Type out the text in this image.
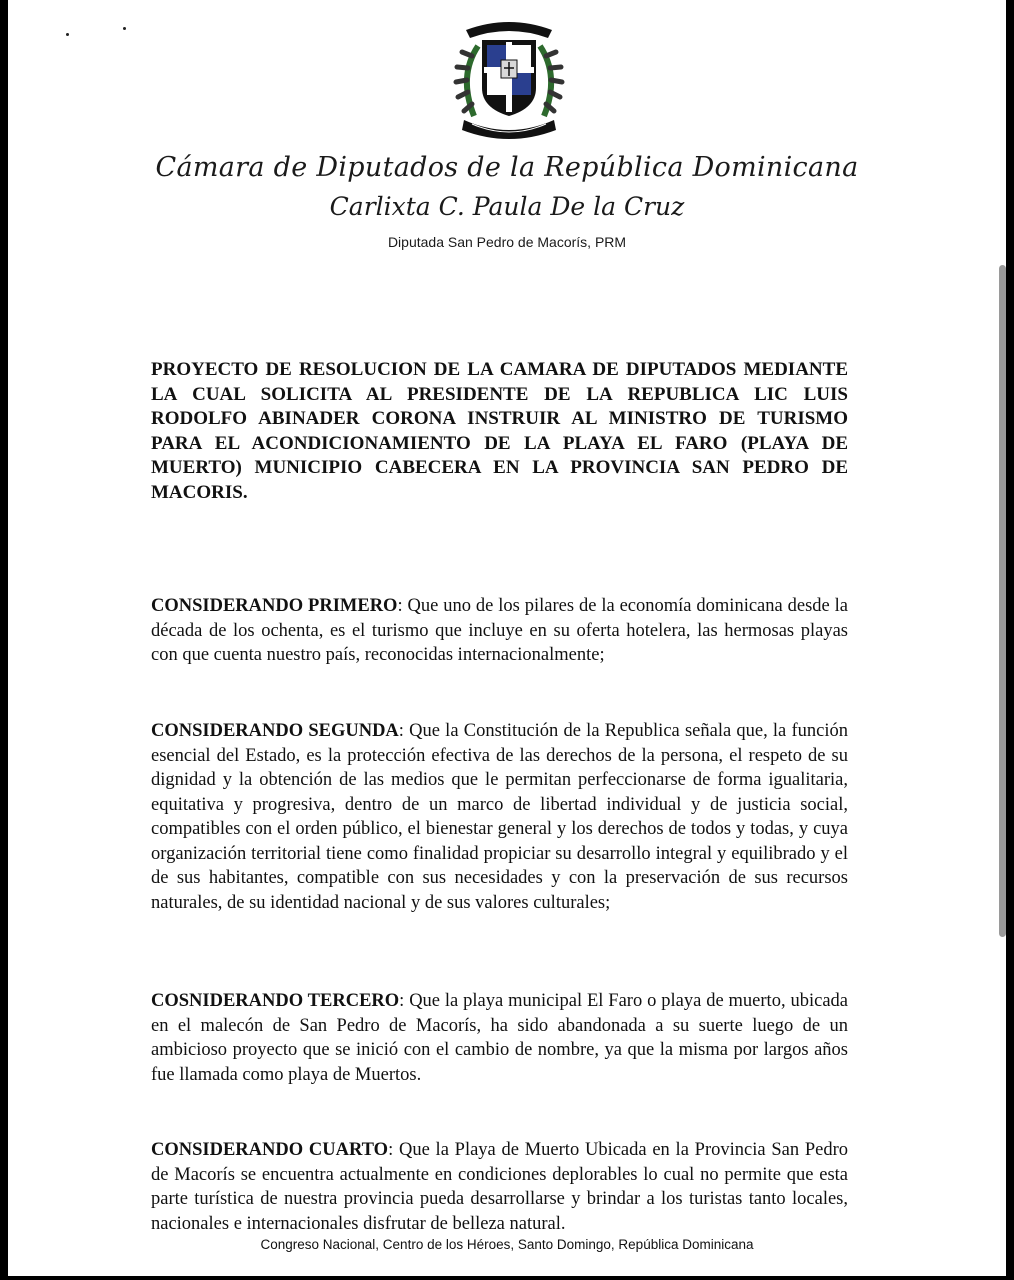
Cámara de Diputados de la República Dominicana
Carlixta C. Paula De la Cruz
Diputada San Pedro de Macorís, PRM
PROYECTO DE RESOLUCION DE LA CAMARA DE DIPUTADOS MEDIANTE LA CUAL SOLICITA AL PRESIDENTE DE LA REPUBLICA LIC LUIS RODOLFO ABINADER CORONA INSTRUIR AL MINISTRO DE TURISMO PARA EL ACONDICIONAMIENTO DE LA PLAYA EL FARO (PLAYA DE MUERTO) MUNICIPIO CABECERA EN LA PROVINCIA SAN PEDRO DE MACORIS.
CONSIDERANDO PRIMERO: Que uno de los pilares de la economía dominicana desde la década de los ochenta, es el turismo que incluye en su oferta hotelera, las hermosas playas con que cuenta nuestro país, reconocidas internacionalmente;
CONSIDERANDO SEGUNDA: Que la Constitución de la Republica señala que, la función esencial del Estado, es la protección efectiva de las derechos de la persona, el respeto de su dignidad y la obtención de las medios que le permitan perfeccionarse de forma igualitaria, equitativa y progresiva, dentro de un marco de libertad individual y de justicia social, compatibles con el orden público, el bienestar general y los derechos de todos y todas, y cuya organización territorial tiene como finalidad propiciar su desarrollo integral y equilibrado y el de sus habitantes, compatible con sus necesidades y con la preservación de sus recursos naturales, de su identidad nacional y de sus valores culturales;
COSNIDERANDO TERCERO: Que la playa municipal El Faro o playa de muerto, ubicada en el malecón de San Pedro de Macorís, ha sido abandonada a su suerte luego de un ambicioso proyecto que se inició con el cambio de nombre, ya que la misma por largos años fue llamada como playa de Muertos.
CONSIDERANDO CUARTO: Que la Playa de Muerto Ubicada en la Provincia San Pedro de Macorís se encuentra actualmente en condiciones deplorables lo cual no permite que esta parte turística de nuestra provincia pueda desarrollarse y brindar a los turistas tanto locales, nacionales e internacionales disfrutar de belleza natural.
Congreso Nacional, Centro de los Héroes, Santo Domingo, República Dominicana
